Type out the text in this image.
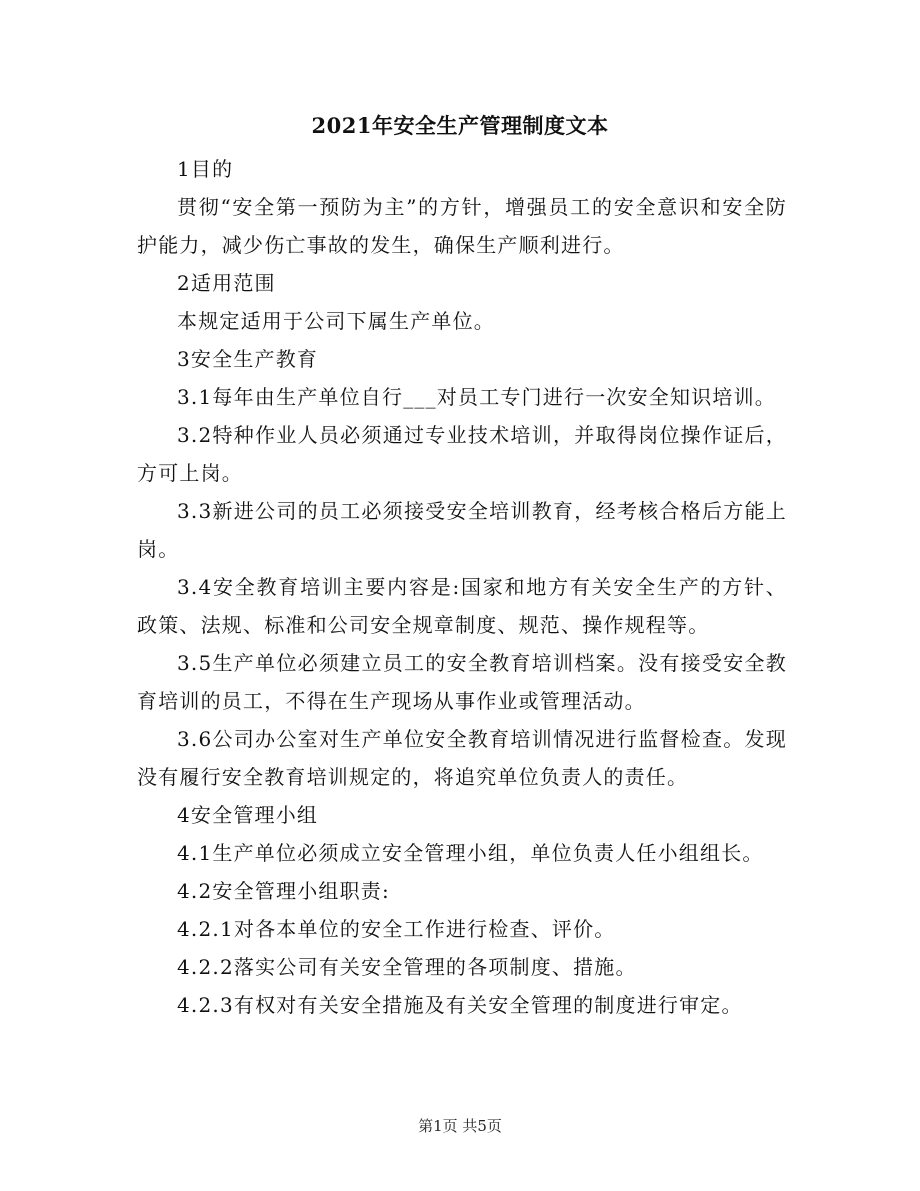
2021年安全生产管理制度文本

1目的

贯彻“安全第一预防为主”的方针，增强员工的安全意识和安全防护能力，减少伤亡事故的发生，确保生产顺利进行。

2适用范围

本规定适用于公司下属生产单位。

3安全生产教育

3.1每年由生产单位自行___对员工专门进行一次安全知识培训。

3.2特种作业人员必须通过专业技术培训，并取得岗位操作证后，方可上岗。

3.3新进公司的员工必须接受安全培训教育，经考核合格后方能上岗。

3.4安全教育培训主要内容是:国家和地方有关安全生产的方针、政策、法规、标准和公司安全规章制度、规范、操作规程等。

3.5生产单位必须建立员工的安全教育培训档案。没有接受安全教育培训的员工，不得在生产现场从事作业或管理活动。

3.6公司办公室对生产单位安全教育培训情况进行监督检查。发现没有履行安全教育培训规定的，将追究单位负责人的责任。

4安全管理小组

4.1生产单位必须成立安全管理小组，单位负责人任小组组长。

4.2安全管理小组职责:

4.2.1对各本单位的安全工作进行检查、评价。

4.2.2落实公司有关安全管理的各项制度、措施。

4.2.3有权对有关安全措施及有关安全管理的制度进行审定。

第1页 共5页
